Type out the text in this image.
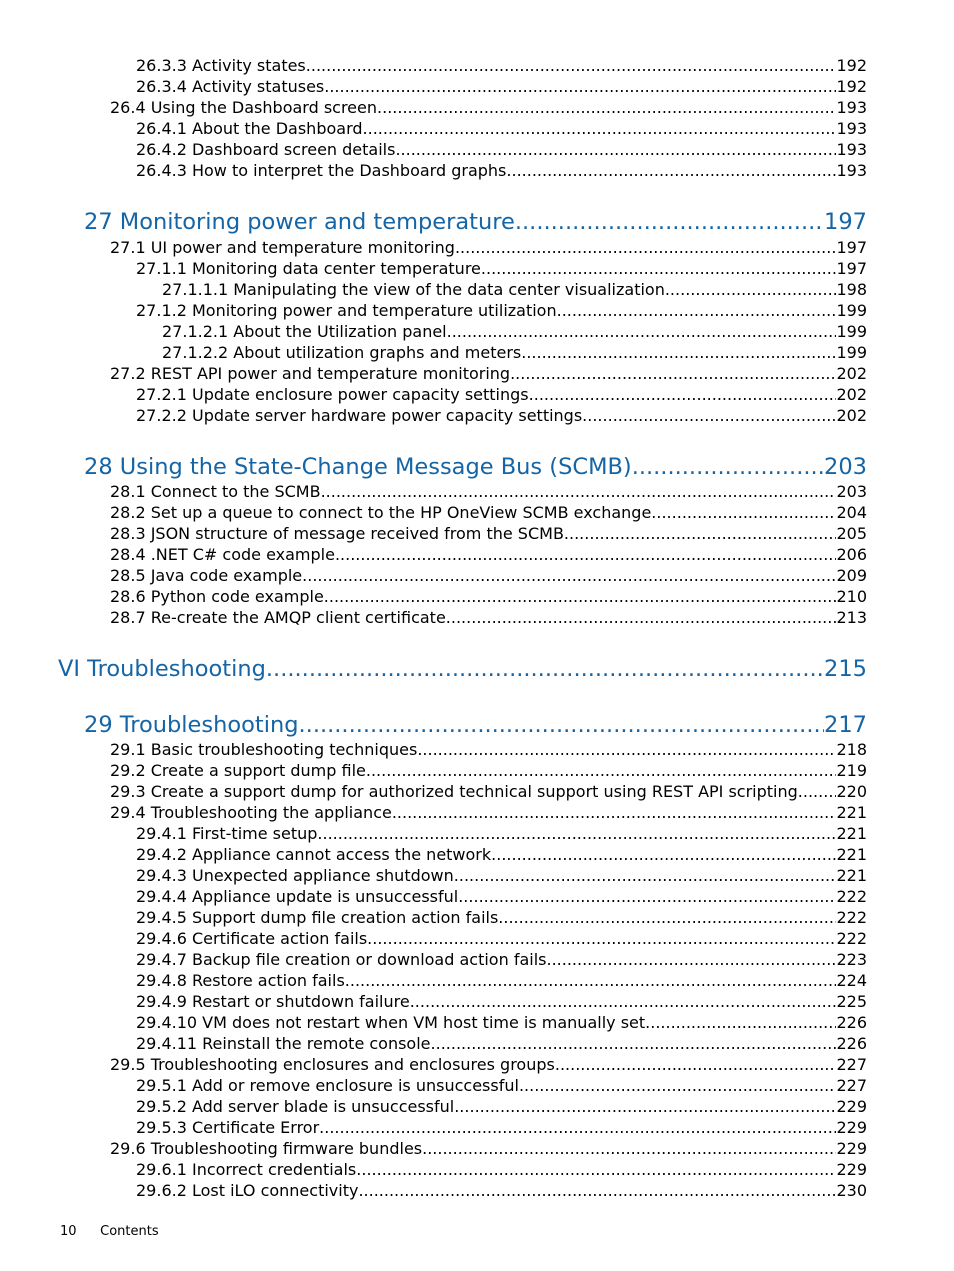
26.3.3 Activity states .....	192
26.3.4 Activity statuses .....	192
26.4 Using the Dashboard screen .....	193
26.4.1 About the Dashboard .....	193
26.4.2 Dashboard screen details .....	193
26.4.3 How to interpret the Dashboard graphs .....	193
27 Monitoring power and temperature .....	197
27.1 UI power and temperature monitoring .....	197
27.1.1 Monitoring data center temperature .....	197
27.1.1.1 Manipulating the view of the data center visualization .....	198
27.1.2 Monitoring power and temperature utilization .....	199
27.1.2.1 About the Utilization panel .....	199
27.1.2.2 About utilization graphs and meters .....	199
27.2 REST API power and temperature monitoring .....	202
27.2.1 Update enclosure power capacity settings .....	202
27.2.2 Update server hardware power capacity settings .....	202
28 Using the State-Change Message Bus (SCMB) .....	203
28.1 Connect to the SCMB .....	203
28.2 Set up a queue to connect to the HP OneView SCMB exchange .....	204
28.3 JSON structure of message received from the SCMB .....	205
28.4 .NET C# code example .....	206
28.5 Java code example .....	209
28.6 Python code example .....	210
28.7 Re-create the AMQP client certificate .....	213
VI Troubleshooting .....	215
29 Troubleshooting .....	217
29.1 Basic troubleshooting techniques .....	218
29.2 Create a support dump file .....	219
29.3 Create a support dump for authorized technical support using REST API scripting ..... 220
29.4 Troubleshooting the appliance .....	221
29.4.1 First-time setup .....	221
29.4.2 Appliance cannot access the network .....	221
29.4.3 Unexpected appliance shutdown .....	221
29.4.4 Appliance update is unsuccessful .....	222
29.4.5 Support dump file creation action fails .....	222
29.4.6 Certificate action fails .....	222
29.4.7 Backup file creation or download action fails .....	223
29.4.8 Restore action fails .....	224
29.4.9 Restart or shutdown failure .....	225
29.4.10 VM does not restart when VM host time is manually set .....	226
29.4.11 Reinstall the remote console .....	226
29.5 Troubleshooting enclosures and enclosures groups .....	227
29.5.1 Add or remove enclosure is unsuccessful .....	227
29.5.2 Add server blade is unsuccessful .....	229
29.5.3 Certificate Error .....	229
29.6 Troubleshooting firmware bundles .....	229
29.6.1 Incorrect credentials .....	229
29.6.2 Lost iLO connectivity .....	230
10 Contents
